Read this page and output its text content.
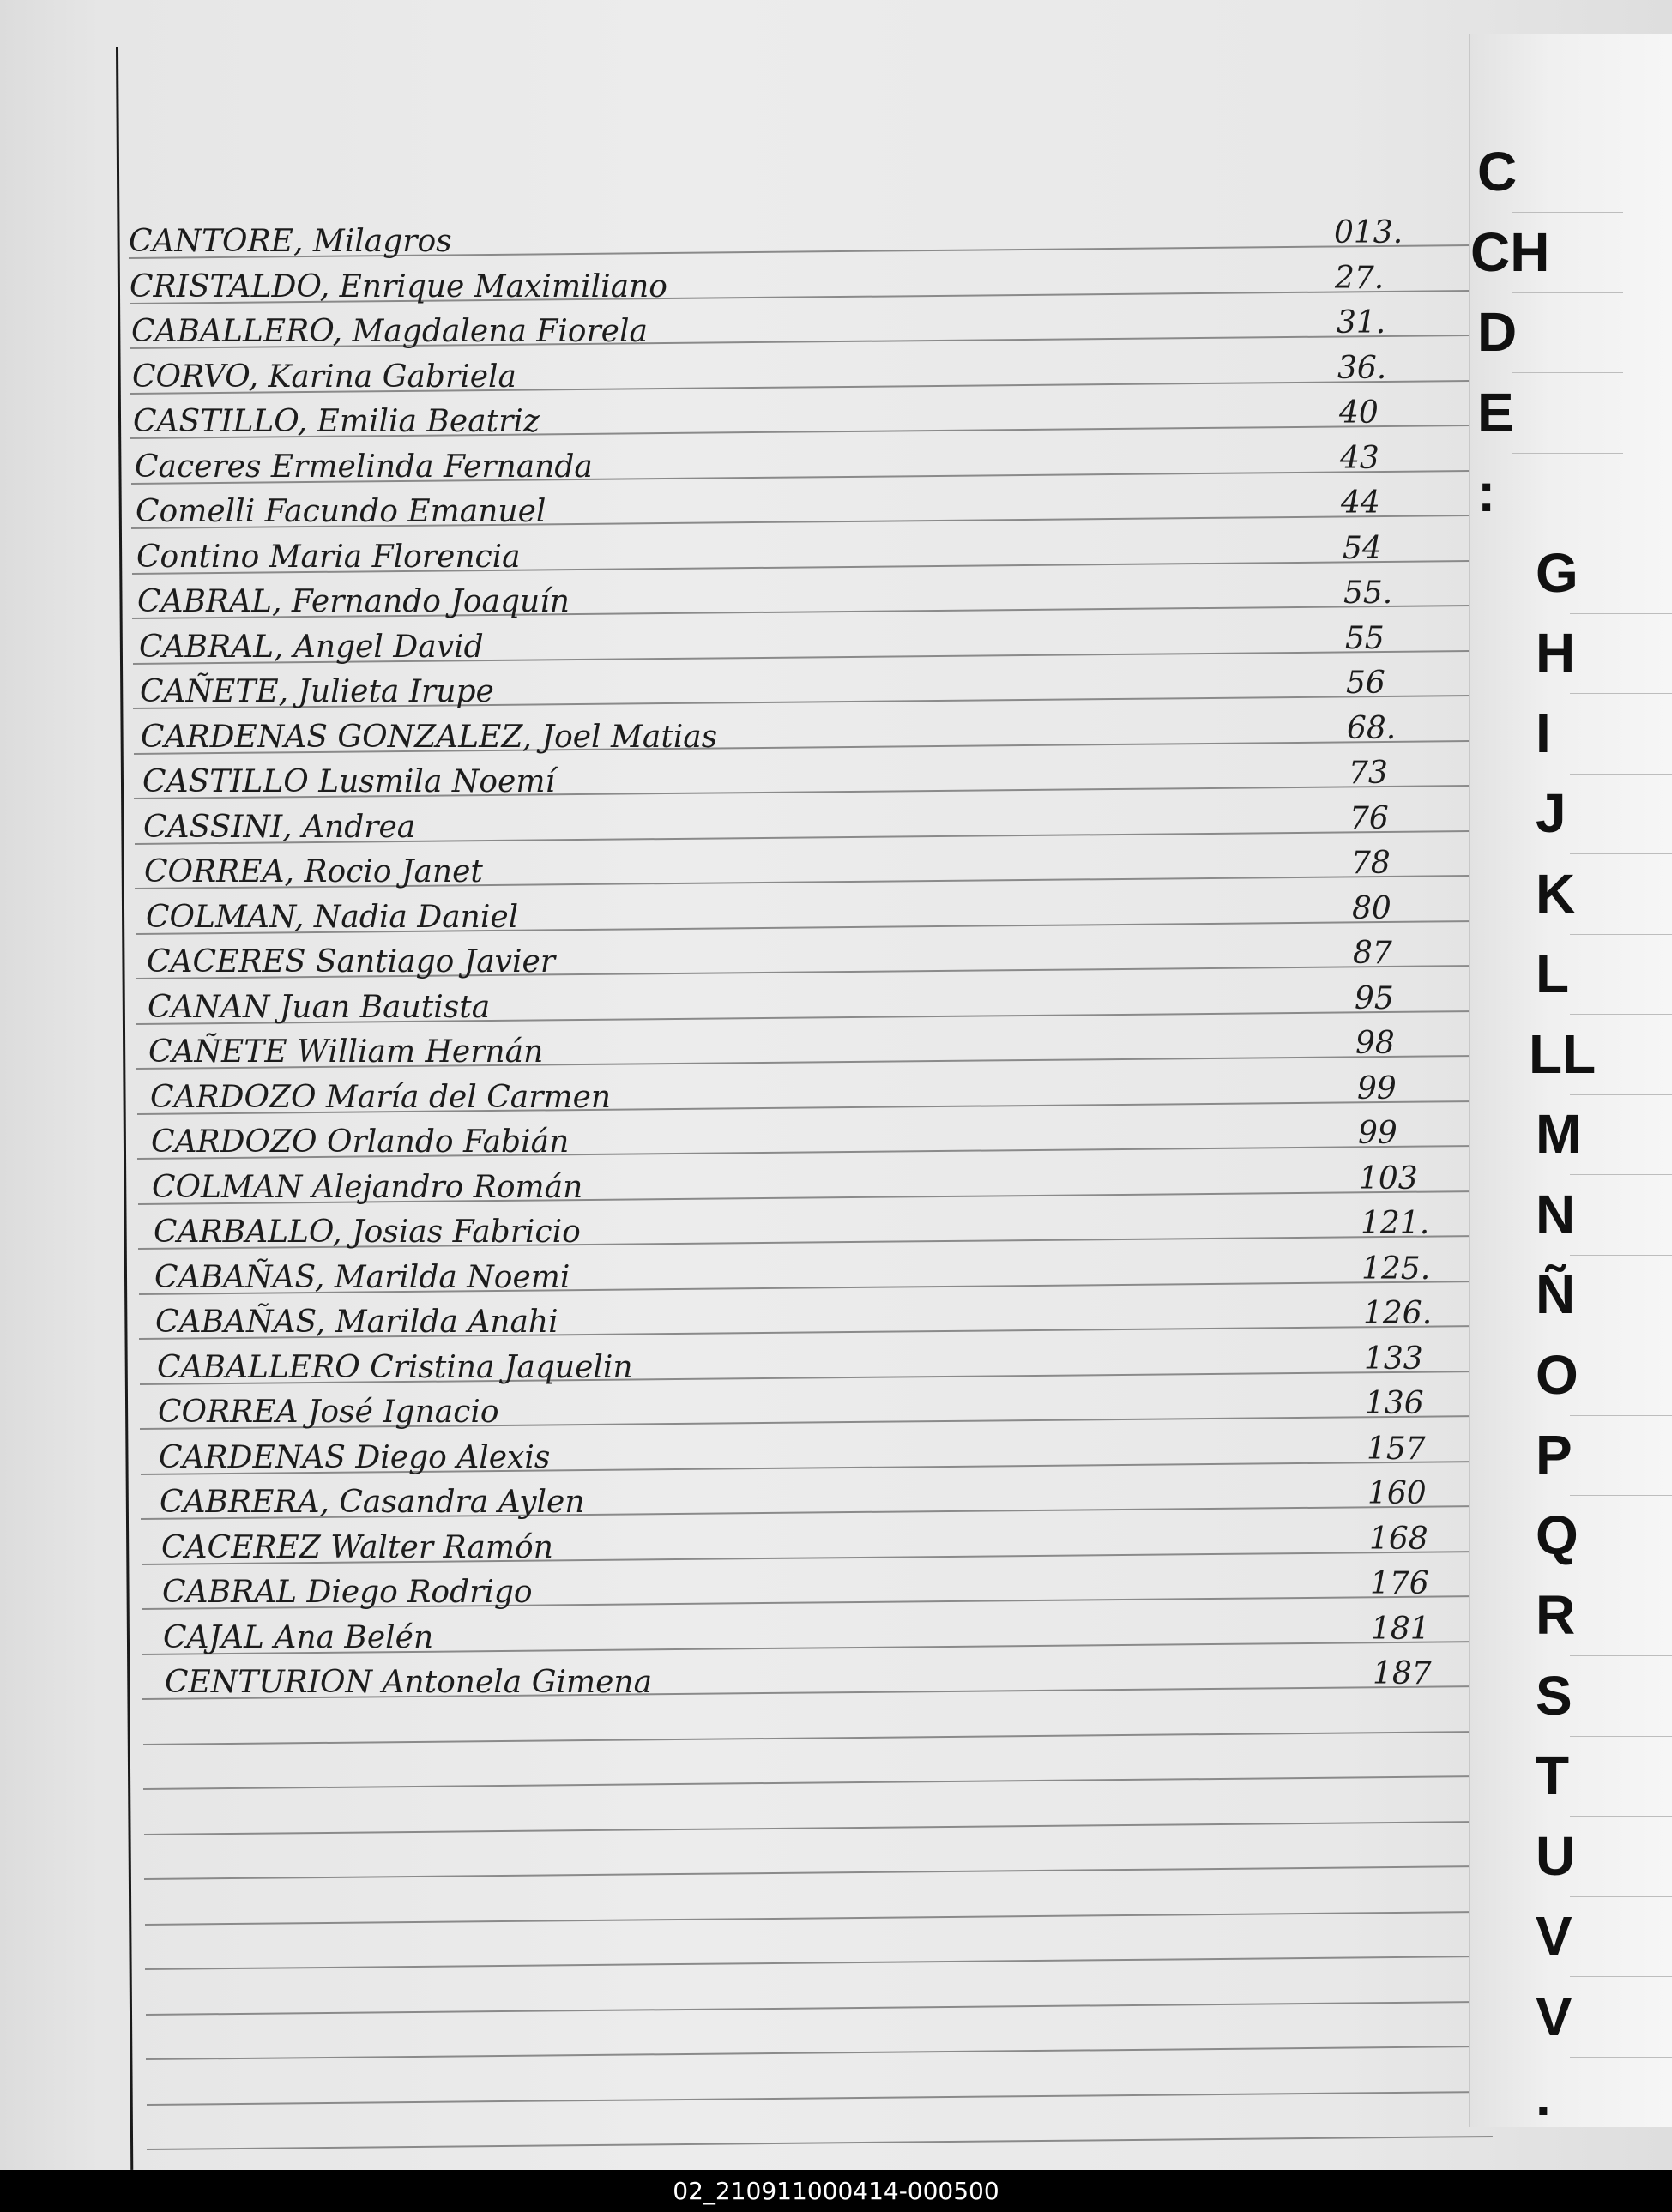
CANTORE, Milagros	013.
CRISTALDO, Enrique Maximiliano	27.
CABALLERO, Magdalena Fiorela	31.
CORVO, Karina Gabriela	36.
CASTILLO, Emilia Beatriz	40
Caceres Ermelinda Fernanda	43
Comelli Facundo Emanuel	44
Contino Maria Florencia	54
CABRAL, Fernando Joaquín	55.
CABRAL, Angel David	55
CAÑETE, Julieta Irupe	56
CARDENAS GONZALEZ, Joel Matias	68.
CASTILLO Lusmila Noemí	73
CASSINI, Andrea	76
CORREA, Rocio Janet	78
COLMAN, Nadia Daniel	80
CACERES Santiago Javier	87
CANAN Juan Bautista	95
CAÑETE William Hernán	98
CARDOZO María del Carmen	99
CARDOZO Orlando Fabián	99
COLMAN Alejandro Román	103
CARBALLO, Josias Fabricio	121.
CABAÑAS, Marilda Noemi	125.
CABAÑAS, Marilda Anahi	126.
CABALLERO Cristina Jaquelin	133
CORREA José Ignacio	136
CARDENAS Diego Alexis	157
CABRERA, Casandra Aylen	160
CACEREZ Walter Ramón	168
CABRAL Diego Rodrigo	176
CAJAL Ana Belén	181
CENTURION Antonela Gimena	187
C
CH
D
E
:
G
H
I
J
K
L
LL
M
N
Ñ
O
P
Q
R
S
T
U
V
V
.
02_210911000414-000500
